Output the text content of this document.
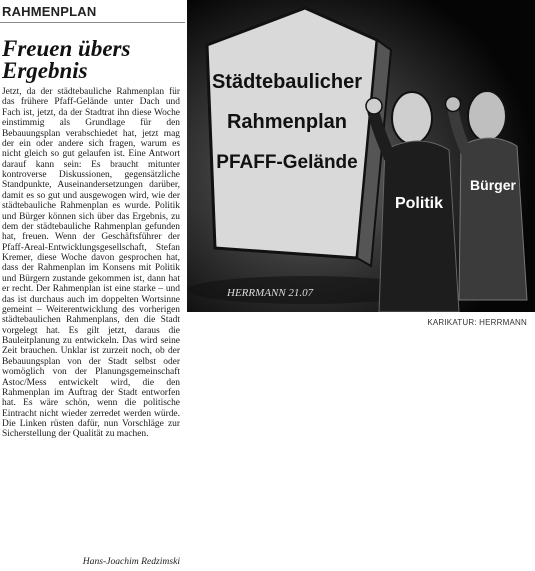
RAHMENPLAN
Freuen übers Ergebnis

Jetzt, da der städtebauliche Rahmenplan für das frühere Pfaff-Gelände unter Dach und Fach ist, jetzt, da der Stadtrat ihn diese Woche einstimmig als Grundlage für den Bebauungsplan verabschiedet hat, jetzt mag der ein oder andere sich fragen, warum es nicht gleich so gut gelaufen ist. Eine Antwort darauf kann sein: Es braucht mitunter kontroverse Diskussionen, gegensätzliche Standpunkte, Auseinandersetzungen darüber, damit es so gut und ausgewogen wird, wie der städtebauliche Rahmenplan es wurde. Politik und Bürger können sich über das Ergebnis, zu dem der städtebauliche Rahmenplan gefunden hat, freuen. Wenn der Geschäftsführer der Pfaff-Areal-Entwicklungsgesellschaft, Stefan Kremer, diese Woche davon gesprochen hat, dass der Rahmenplan im Konsens mit Politik und Bürgern zustande gekommen ist, dann hat er recht. Der Rahmenplan ist eine starke – und das ist durchaus auch im doppelten Wortsinne gemeint – Weiterentwicklung des vorherigen städtebaulichen Rahmenplans, den die Stadt vorgelegt hat. Es gilt jetzt, daraus die Bauleitplanung zu entwickeln. Das wird seine Zeit brauchen. Unklar ist zurzeit noch, ob der Bebauungsplan von der Stadt selbst oder womöglich von der Planungsgemeinschaft Astoc/Mess entwickelt wird, die den Rahmenplan im Auftrag der Stadt entworfen hat. Es wäre schön, wenn die politische Eintracht nicht wieder zerredet werden würde. Die Linken rüsten dafür, nun Vorschläge zur Sicherstellung der Qualität zu machen.

Hans-Joachim Redzimski
Städtebaulicher
Rahmenplan
PFAFF-Gelände
Politik
Bürger
HERRMANN 21.07
KARIKATUR: HERRMANN
